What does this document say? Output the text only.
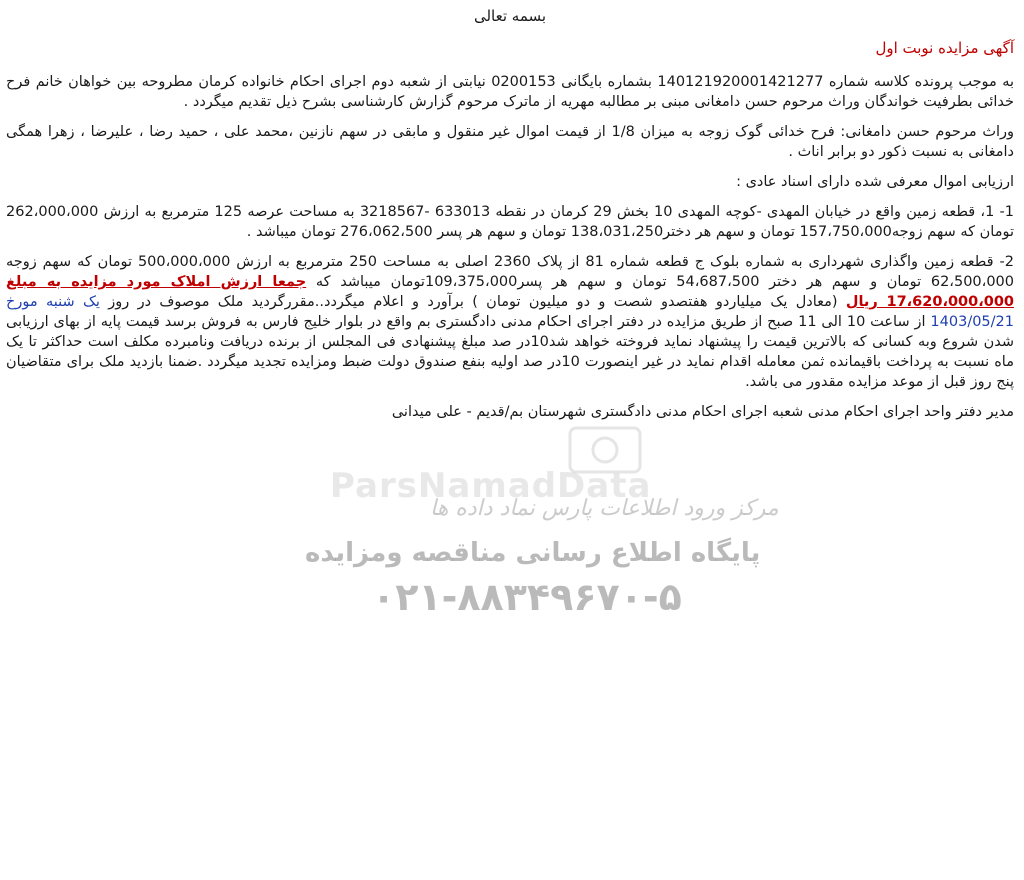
بسمه تعالی
آگهی مزایده نوبت اول

به موجب پرونده کلاسه شماره 140121920001421277 بشماره بایگانی 0200153 نیابتی از شعبه دوم اجرای احکام خانواده کرمان مطروحه بین خواهان خانم فرح خدائی بطرفیت خواندگان وراث مرحوم حسن دامغانی مبنی بر مطالبه مهریه از ماترک مرحوم گزارش کارشناسی بشرح ذیل تقدیم میگردد .

وراث مرحوم حسن دامغانی: فرح خدائی گوک زوجه به میزان 1/8 از قیمت اموال غیر منقول و مابقی در سهم نازنین ،محمد علی ، حمید رضا ، علیرضا ، زهرا همگی دامغانی به نسبت ذکور دو برابر اناث .

ارزیابی اموال معرفی شده دارای اسناد عادی :

1- 1، قطعه زمین واقع در خیابان المهدی -کوچه المهدی 10 بخش 29 کرمان در نقطه 633013 -3218567 به مساحت عرصه 125 مترمربع به ارزش 262،000،000 تومان که سهم زوجه157،750،000 تومان و سهم هر دختر138،031،250 تومان و سهم هر پسر 276،062،500 تومان میباشد .

2- قطعه زمین واگذاری شهرداری به شماره بلوک ج قطعه شماره 81 از پلاک 2360 اصلی به مساحت 250 مترمربع به ارزش 500،000،000 تومان که سهم زوجه 62،500،000 تومان و سهم هر دختر 54،687،500 تومان و سهم هر پسر109،375،000تومان میباشد که جمعا ارزش املاک مورد مزایده به مبلغ 17،620،000،000 ریال (معادل یک میلیاردو هفتصدو شصت و دو میلیون تومان ) برآورد و اعلام میگردد..مقررگردید ملک موصوف در روز یک شنبه مورخ 1403/05/21 از ساعت 10 الی 11 صبح از طریق مزایده در دفتر اجرای احکام مدنی دادگستری بم واقع در بلوار خلیج فارس به فروش برسد قیمت پایه از بهای ارزیابی شدن شروع وبه کسانی که بالاترین قیمت را پیشنهاد نماید فروخته خواهد شد10در صد مبلغ پیشنهادی فی المجلس از برنده دریافت ونامبرده مکلف است حداکثر تا یک ماه نسبت به پرداخت باقیمانده ثمن معامله اقدام نماید در غیر اینصورت 10در صد اولیه بنفع صندوق دولت ضبط ومزایده تجدید میگردد .ضمنا بازدید ملک برای متقاضیان پنج روز قبل از موعد مزایده مقدور می باشد.

مدیر دفتر واحد اجرای احکام مدنی شعبه اجرای احکام مدنی دادگستری شهرستان بم/قدیم - علی میدانی

ParsNamadData
مرکز ورود اطلاعات پارس نماد داده ها
پایگاه اطلاع رسانی مناقصه ومزایده
۰۲۱-۸۸۳۴۹۶۷۰-۵
